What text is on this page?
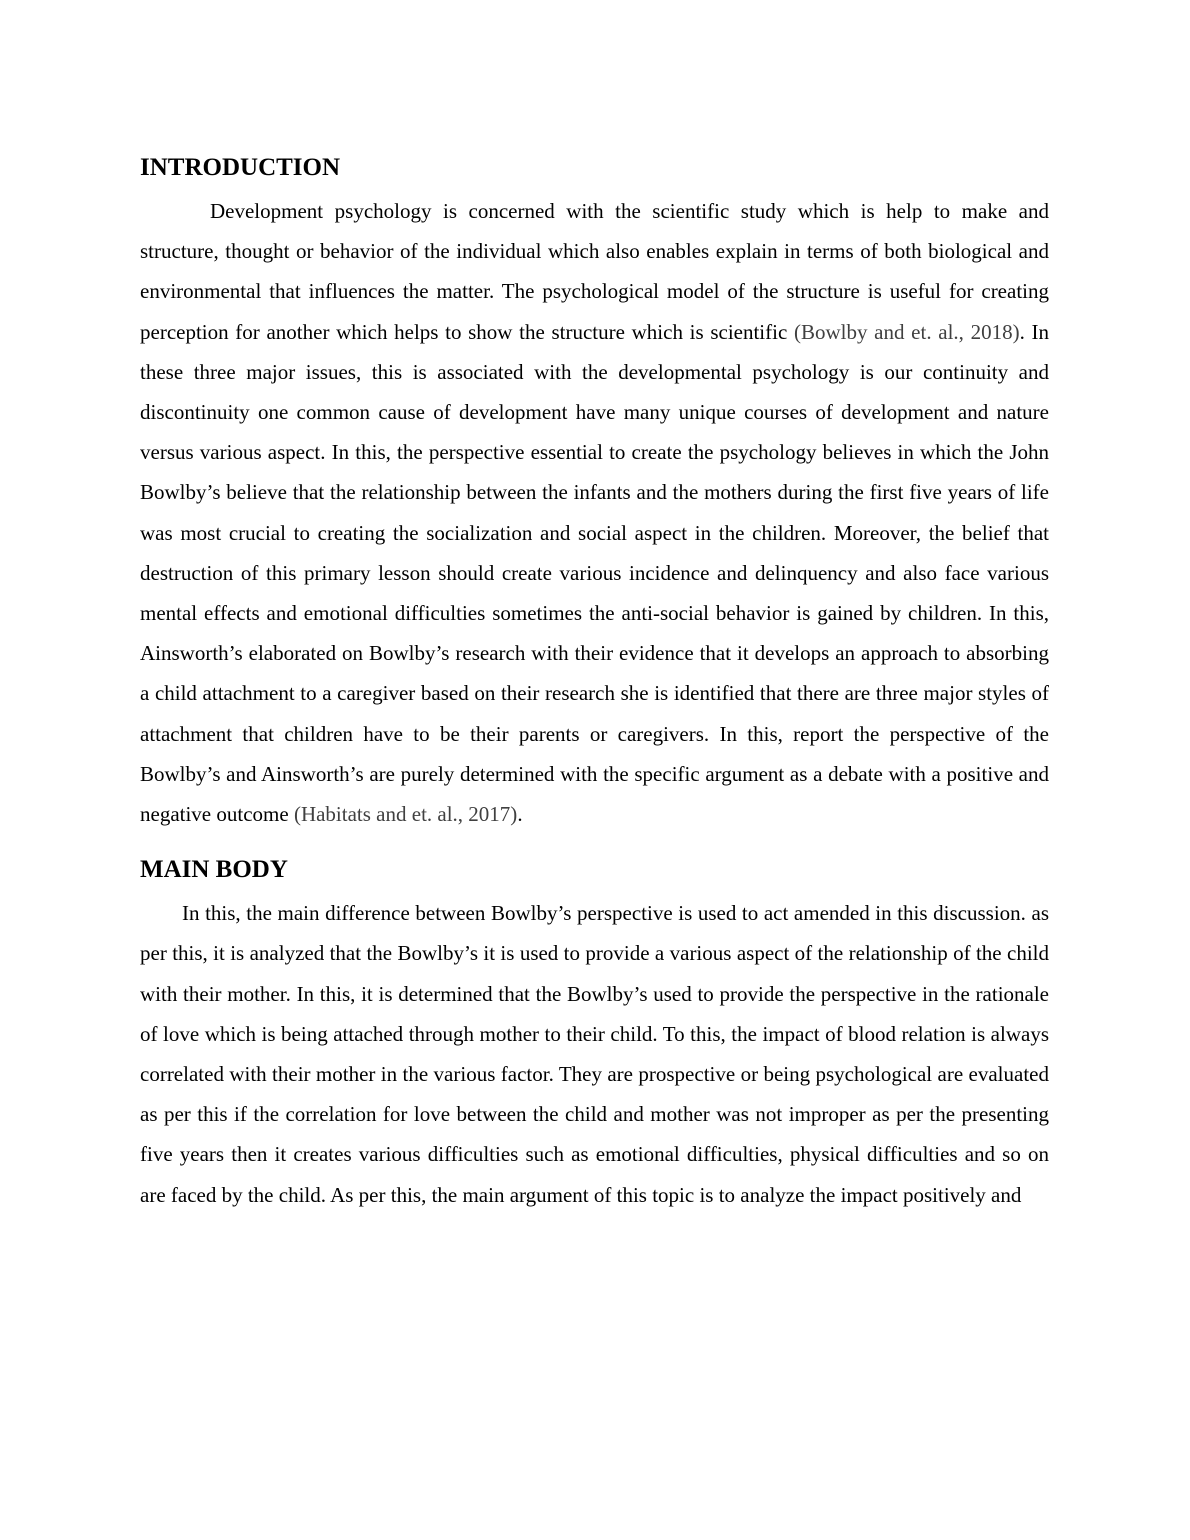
INTRODUCTION

Development psychology is concerned with the scientific study which is help to make and structure, thought or behavior of the individual which also enables explain in terms of both biological and environmental that influences the matter. The psychological model of the structure is useful for creating perception for another which helps to show the structure which is scientific (Bowlby and et. al., 2018). In these three major issues, this is associated with the developmental psychology is our continuity and discontinuity one common cause of development have many unique courses of development and nature versus various aspect. In this, the perspective essential to create the psychology believes in which the John Bowlby’s believe that the relationship between the infants and the mothers during the first five years of life was most crucial to creating the socialization and social aspect in the children. Moreover, the belief that destruction of this primary lesson should create various incidence and delinquency and also face various mental effects and emotional difficulties sometimes the anti-social behavior is gained by children. In this, Ainsworth’s elaborated on Bowlby’s research with their evidence that it develops an approach to absorbing a child attachment to a caregiver based on their research she is identified that there are three major styles of attachment that children have to be their parents or caregivers. In this, report the perspective of the Bowlby’s and Ainsworth’s are purely determined with the specific argument as a debate with a positive and negative outcome (Habitats and et. al., 2017).

MAIN BODY

In this, the main difference between Bowlby’s perspective is used to act amended in this discussion. as per this, it is analyzed that the Bowlby’s it is used to provide a various aspect of the relationship of the child with their mother. In this, it is determined that the Bowlby’s used to provide the perspective in the rationale of love which is being attached through mother to their child. To this, the impact of blood relation is always correlated with their mother in the various factor. They are prospective or being psychological are evaluated as per this if the correlation for love between the child and mother was not improper as per the presenting five years then it creates various difficulties such as emotional difficulties, physical difficulties and so on are faced by the child. As per this, the main argument of this topic is to analyze the impact positively and
